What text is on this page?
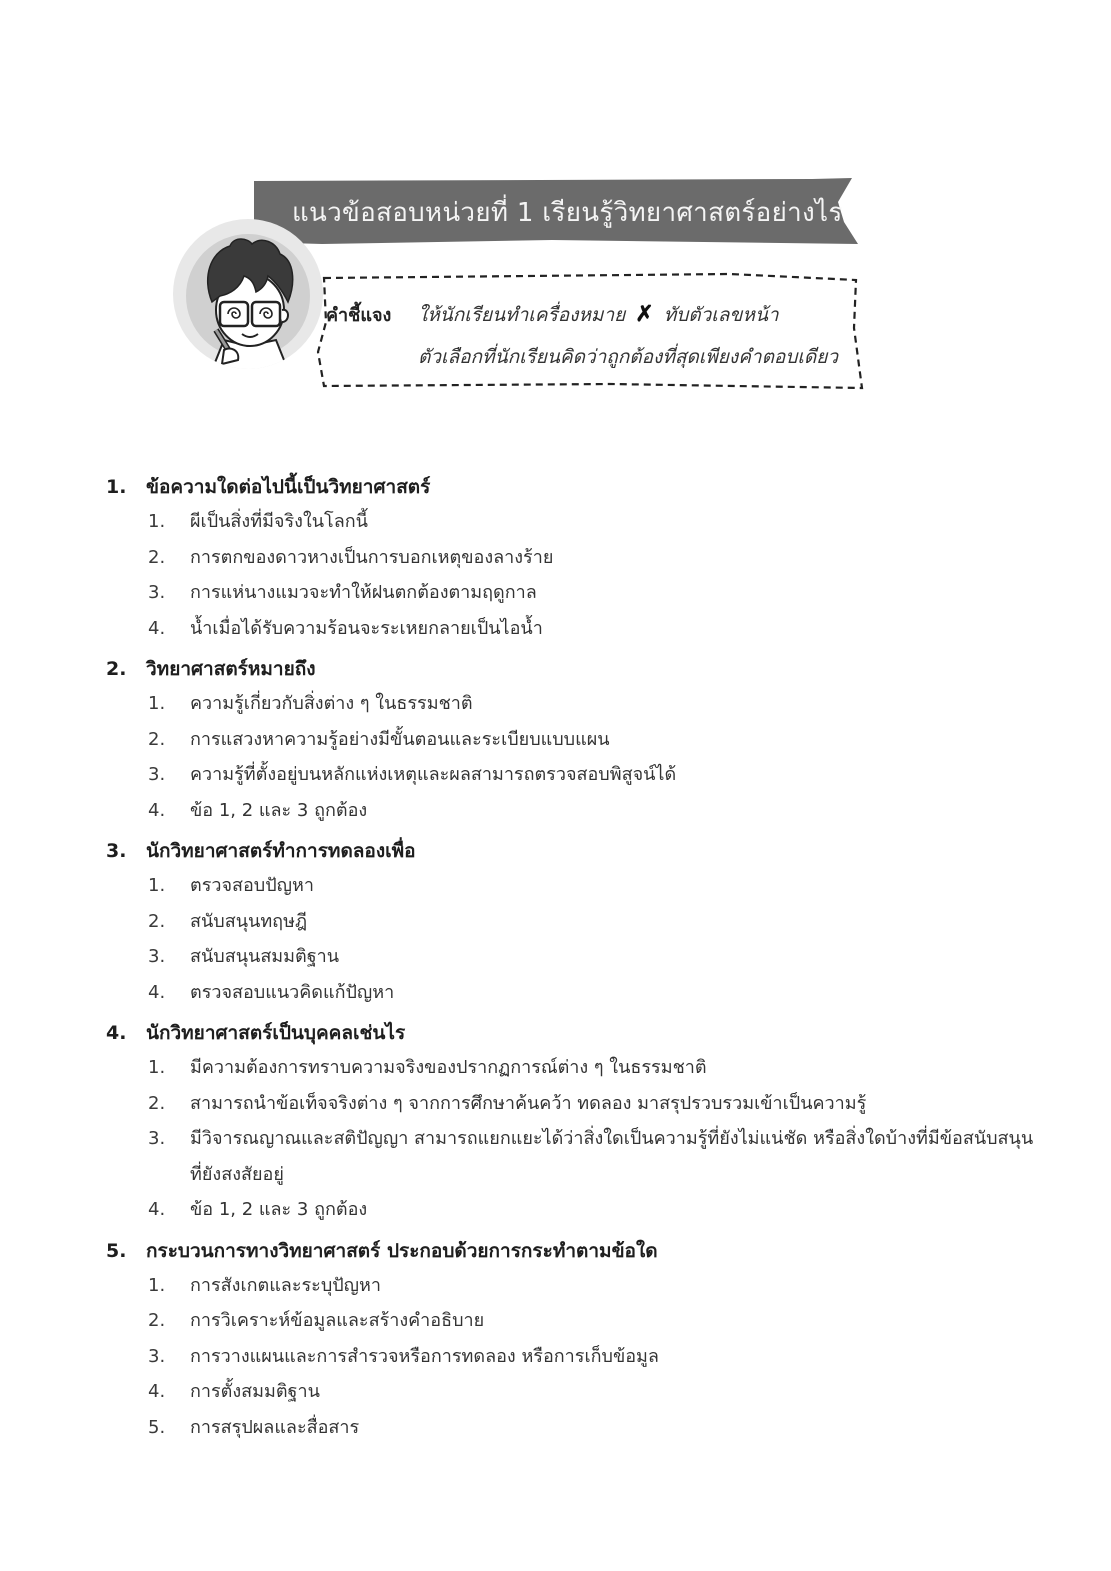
แนวข้อสอบหน่วยที่ 1 เรียนรู้วิทยาศาสตร์อย่างไร
คำชี้แจง ให้นักเรียนทำเครื่องหมาย ✗ ทับตัวเลขหน้า
ตัวเลือกที่นักเรียนคิดว่าถูกต้องที่สุดเพียงคำตอบเดียว
1.	ข้อความใดต่อไปนี้เป็นวิทยาศาสตร์
1.	ผีเป็นสิ่งที่มีจริงในโลกนี้
2.	การตกของดาวหางเป็นการบอกเหตุของลางร้าย
3.	การแห่นางแมวจะทำให้ฝนตกต้องตามฤดูกาล
4.	น้ำเมื่อได้รับความร้อนจะระเหยกลายเป็นไอน้ำ
2.	วิทยาศาสตร์หมายถึง
1.	ความรู้เกี่ยวกับสิ่งต่าง ๆ ในธรรมชาติ
2.	การแสวงหาความรู้อย่างมีขั้นตอนและระเบียบแบบแผน
3.	ความรู้ที่ตั้งอยู่บนหลักแห่งเหตุและผลสามารถตรวจสอบพิสูจน์ได้
4.	ข้อ 1, 2 และ 3 ถูกต้อง
3.	นักวิทยาศาสตร์ทำการทดลองเพื่อ
1.	ตรวจสอบปัญหา
2.	สนับสนุนทฤษฎี
3.	สนับสนุนสมมติฐาน
4.	ตรวจสอบแนวคิดแก้ปัญหา
4.	นักวิทยาศาสตร์เป็นบุคคลเช่นไร
1.	มีความต้องการทราบความจริงของปรากฏการณ์ต่าง ๆ ในธรรมชาติ
2.	สามารถนำข้อเท็จจริงต่าง ๆ จากการศึกษาค้นคว้า ทดลอง มาสรุปรวบรวมเข้าเป็นความรู้
3.	มีวิจารณญาณและสติปัญญา สามารถแยกแยะได้ว่าสิ่งใดเป็นความรู้ที่ยังไม่แน่ชัด หรือสิ่งใดบ้างที่มีข้อสนับสนุนที่ยังสงสัยอยู่
4.	ข้อ 1, 2 และ 3 ถูกต้อง
5.	กระบวนการทางวิทยาศาสตร์ ประกอบด้วยการกระทำตามข้อใด
1.	การสังเกตและระบุปัญหา
2.	การวิเคราะห์ข้อมูลและสร้างคำอธิบาย
3.	การวางแผนและการสำรวจหรือการทดลอง หรือการเก็บข้อมูล
4.	การตั้งสมมติฐาน
5.	การสรุปผลและสื่อสาร
